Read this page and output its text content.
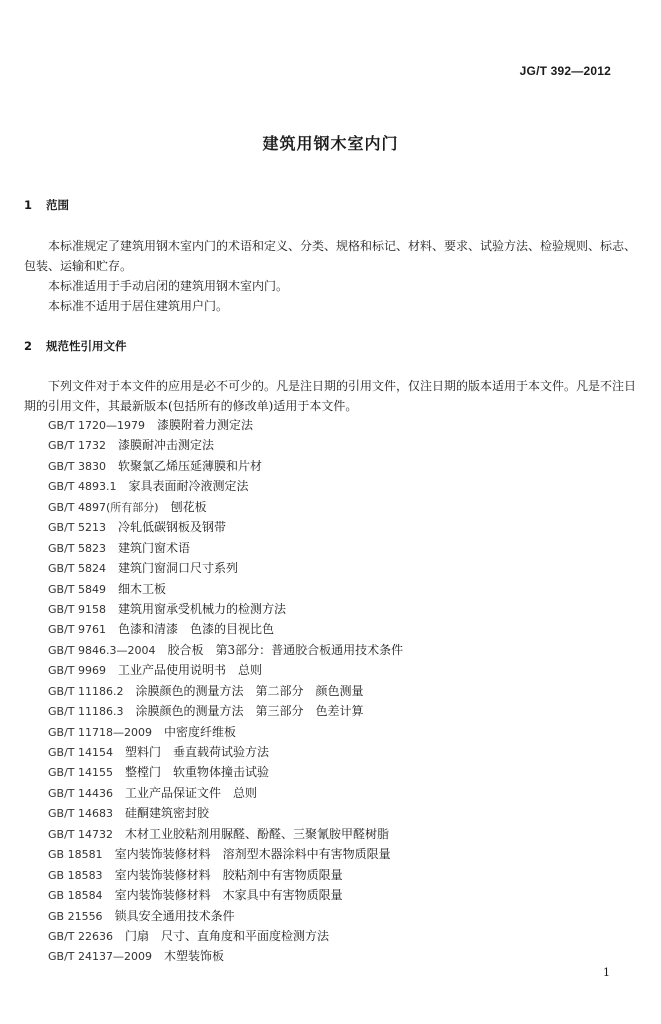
JG/T 392—2012
建筑用钢木室内门
1 范围
本标准规定了建筑用钢木室内门的术语和定义、分类、规格和标记、材料、要求、试验方法、检验规则、标志、包装、运输和贮存。
本标准适用于手动启闭的建筑用钢木室内门。
本标准不适用于居住建筑用户门。
2 规范性引用文件
下列文件对于本文件的应用是必不可少的。凡是注日期的引用文件，仅注日期的版本适用于本文件。凡是不注日期的引用文件，其最新版本(包括所有的修改单)适用于本文件。
GB/T 1720—1979　 漆膜附着力测定法
GB/T 1732　 漆膜耐冲击测定法
GB/T 3830　 软聚氯乙烯压延薄膜和片材
GB/T 4893.1　 家具表面耐冷液测定法
GB/T 4897(所有部分)　 刨花板
GB/T 5213　 冷轧低碳钢板及钢带
GB/T 5823　 建筑门窗术语
GB/T 5824　 建筑门窗洞口尺寸系列
GB/T 5849　 细木工板
GB/T 9158　 建筑用窗承受机械力的检测方法
GB/T 9761　 色漆和清漆　色漆的目视比色
GB/T 9846.3—2004　 胶合板　第3部分：普通胶合板通用技术条件
GB/T 9969　 工业产品使用说明书　总则
GB/T 11186.2　 涂膜颜色的测量方法　第二部分　颜色测量
GB/T 11186.3　 涂膜颜色的测量方法　第三部分　色差计算
GB/T 11718—2009　 中密度纤维板
GB/T 14154　 塑料门　垂直载荷试验方法
GB/T 14155　 整樘门　软重物体撞击试验
GB/T 14436　 工业产品保证文件　总则
GB/T 14683　 硅酮建筑密封胶
GB/T 14732　 木材工业胶粘剂用脲醛、酚醛、三聚氰胺甲醛树脂
GB 18581　 室内装饰装修材料　溶剂型木器涂料中有害物质限量
GB 18583　 室内装饰装修材料　胶粘剂中有害物质限量
GB 18584　 室内装饰装修材料　木家具中有害物质限量
GB 21556　 锁具安全通用技术条件
GB/T 22636　 门扇　尺寸、直角度和平面度检测方法
GB/T 24137—2009　 木塑装饰板
1
